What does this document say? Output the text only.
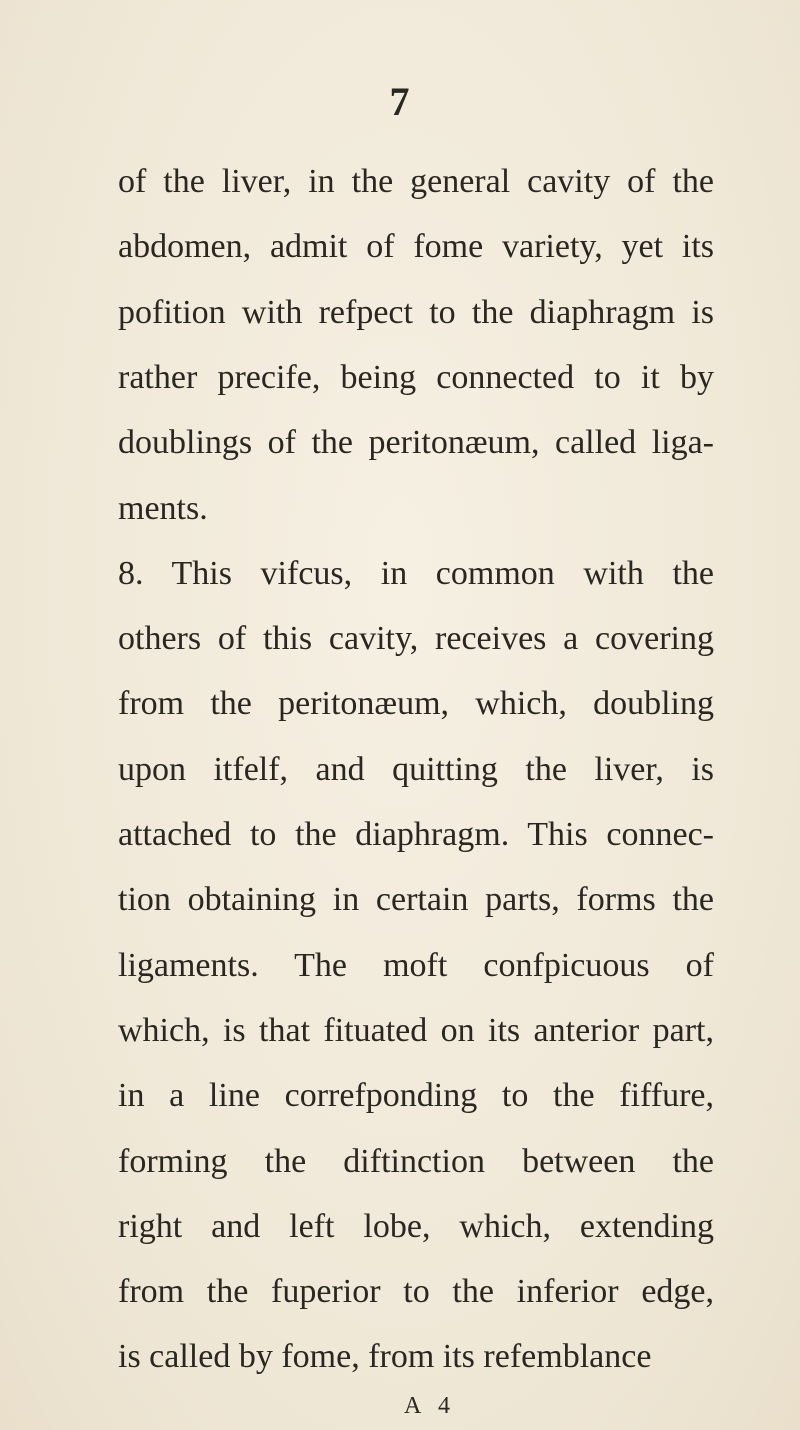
7
of the liver, in the general cavity of the
abdomen, admit of fome variety, yet its
pofition with refpect to the diaphragm is
rather precife, being connected to it by
doublings of the peritonæum, called liga-
ments.
8. This vifcus, in common with the
others of this cavity, receives a covering
from the peritonæum, which, doubling
upon itfelf, and quitting the liver, is
attached to the diaphragm. This connec-
tion obtaining in certain parts, forms the
ligaments. The moft confpicuous of
which, is that fituated on its anterior part,
in a line correfponding to the fiffure,
forming the diftinction between the
right and left lobe, which, extending
from the fuperior to the inferior edge,
is called by fome, from its refemblance
A 4
